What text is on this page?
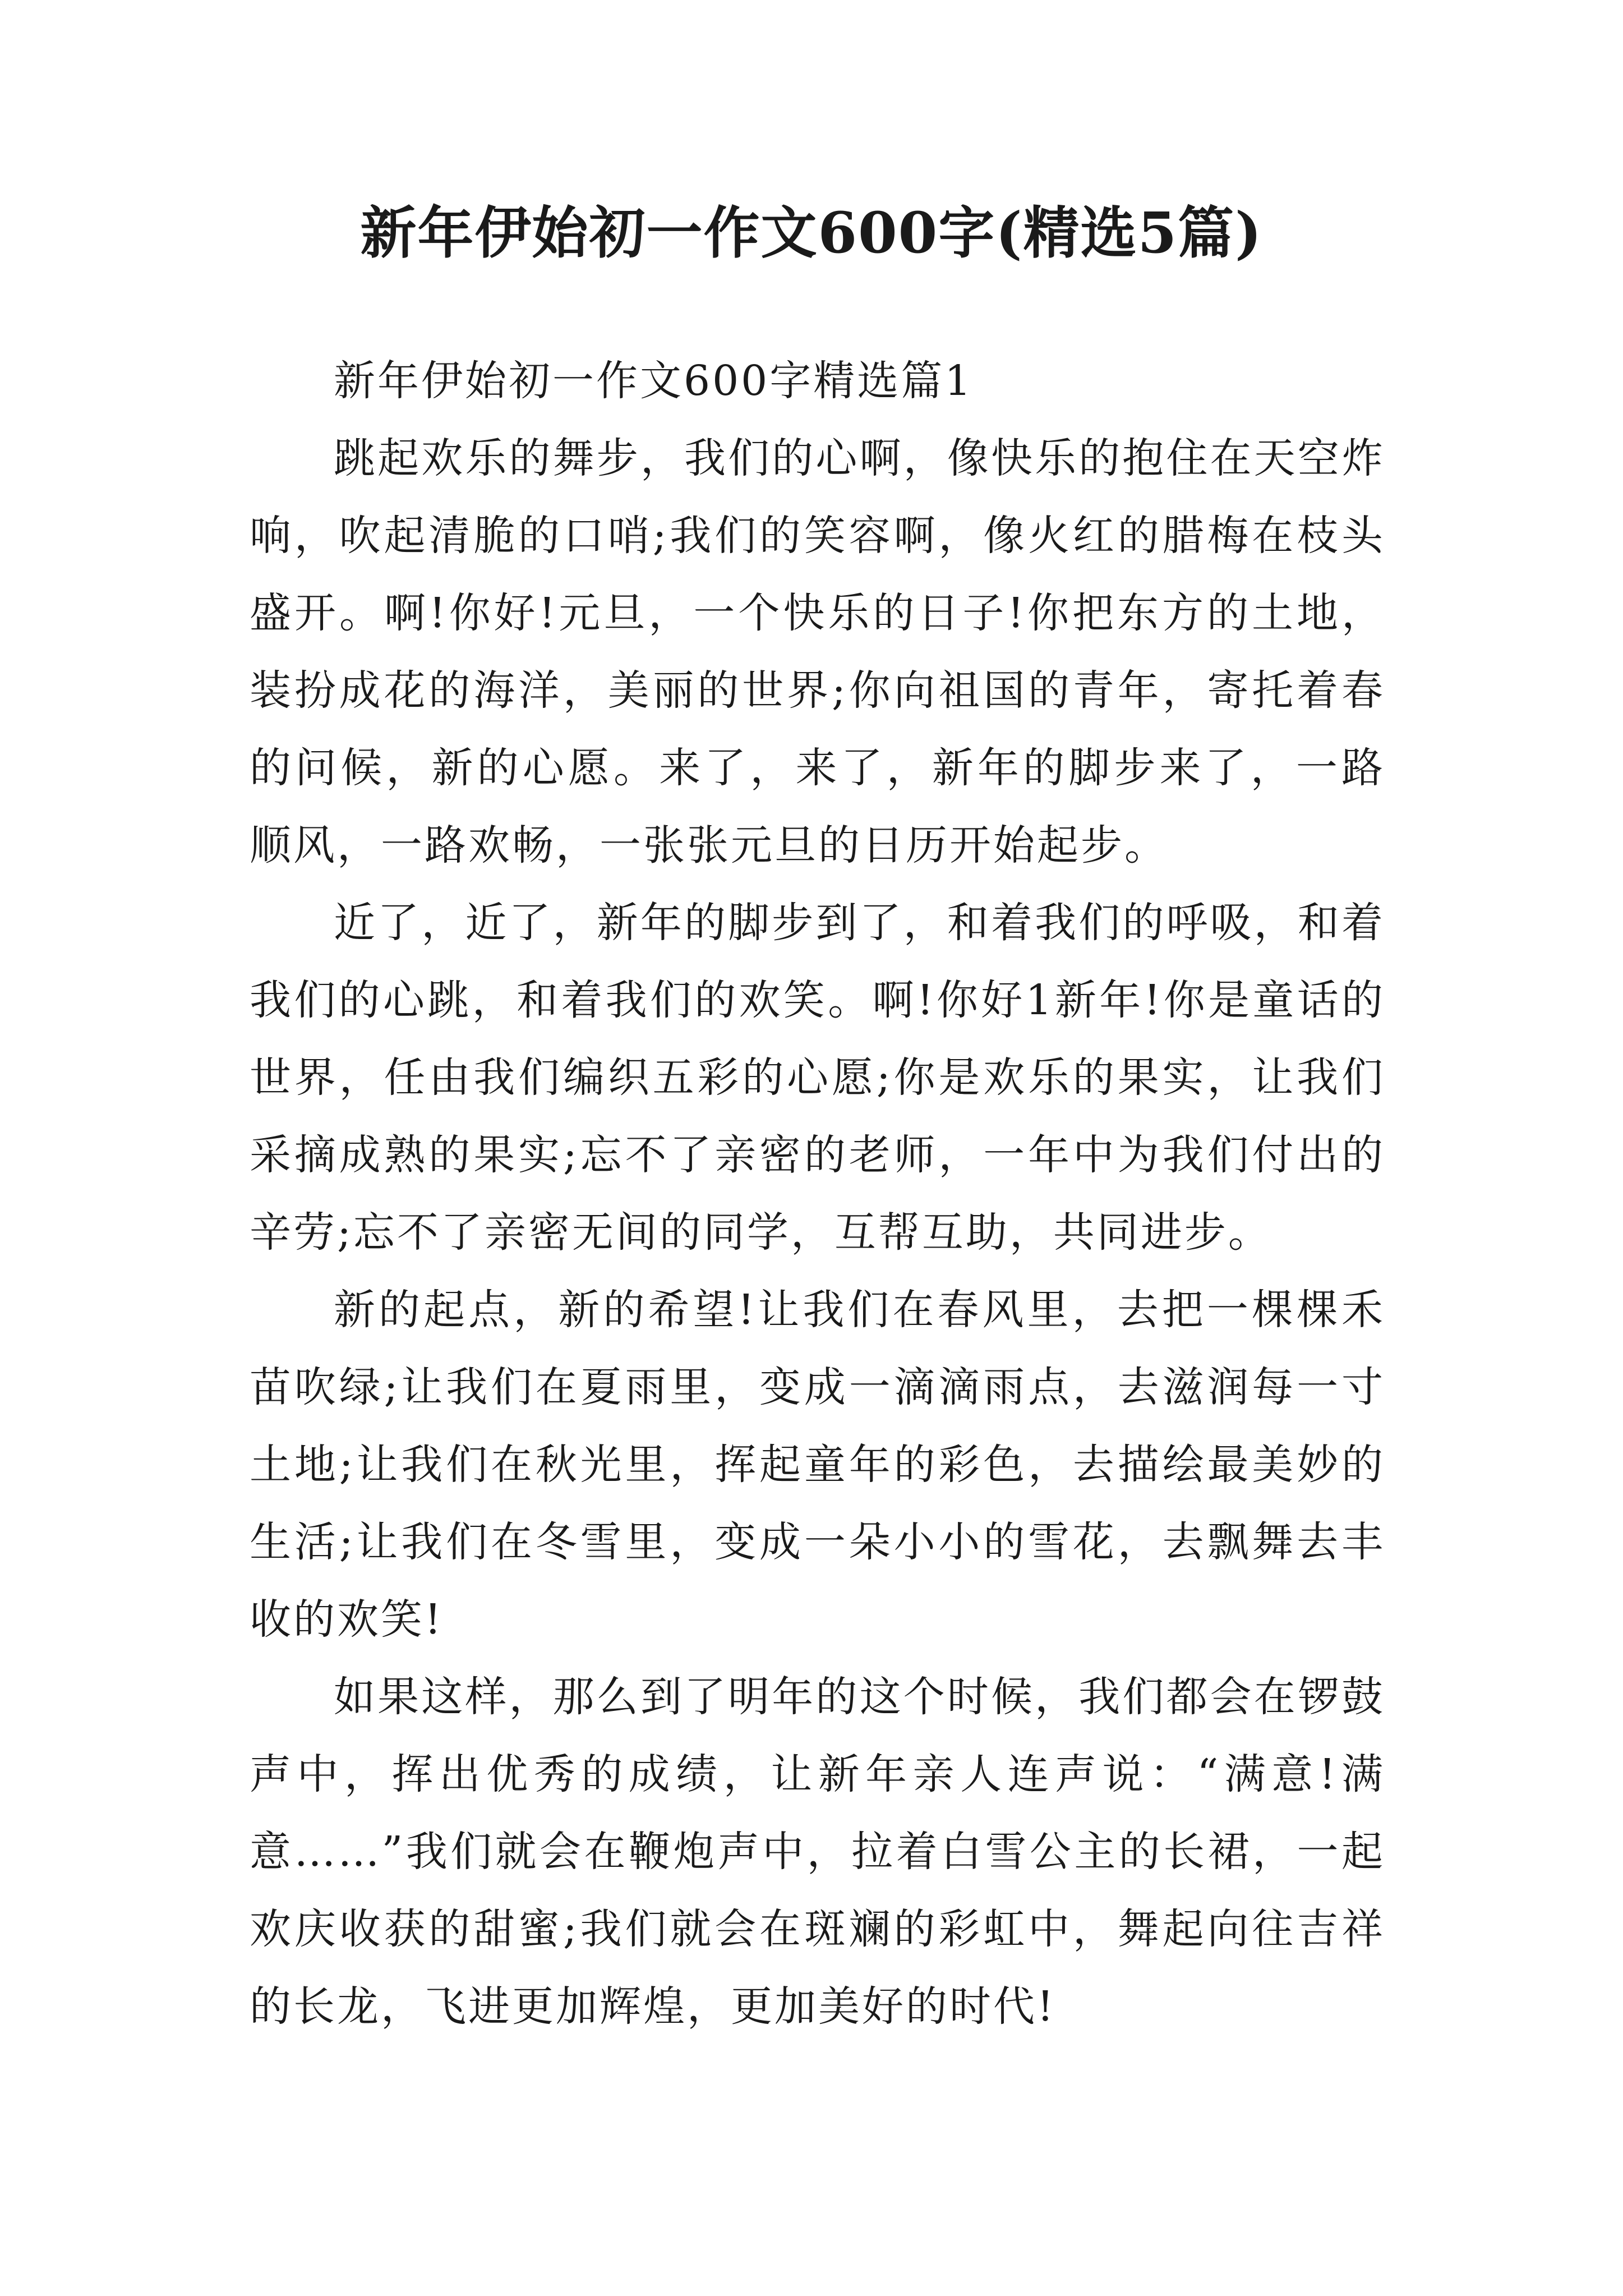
新年伊始初一作文600字(精选5篇)

新年伊始初一作文600字精选篇1

跳起欢乐的舞步，我们的心啊，像快乐的抱住在天空炸响，吹起清脆的口哨;我们的笑容啊，像火红的腊梅在枝头盛开。啊!你好!元旦，一个快乐的日子!你把东方的土地，装扮成花的海洋，美丽的世界;你向祖国的青年，寄托着春的问候，新的心愿。来了，来了，新年的脚步来了，一路顺风，一路欢畅，一张张元旦的日历开始起步。

近了，近了，新年的脚步到了，和着我们的呼吸，和着我们的心跳，和着我们的欢笑。啊!你好1新年!你是童话的世界，任由我们编织五彩的心愿;你是欢乐的果实，让我们采摘成熟的果实;忘不了亲密的老师，一年中为我们付出的辛劳;忘不了亲密无间的同学，互帮互助，共同进步。

新的起点，新的希望!让我们在春风里，去把一棵棵禾苗吹绿;让我们在夏雨里，变成一滴滴雨点，去滋润每一寸土地;让我们在秋光里，挥起童年的彩色，去描绘最美妙的生活;让我们在冬雪里，变成一朵小小的雪花，去飘舞去丰收的欢笑!

如果这样，那么到了明年的这个时候，我们都会在锣鼓声中，挥出优秀的成绩，让新年亲人连声说：“满意!满意……”我们就会在鞭炮声中，拉着白雪公主的长裙，一起欢庆收获的甜蜜;我们就会在斑斓的彩虹中，舞起向往吉祥的长龙，飞进更加辉煌，更加美好的时代!
